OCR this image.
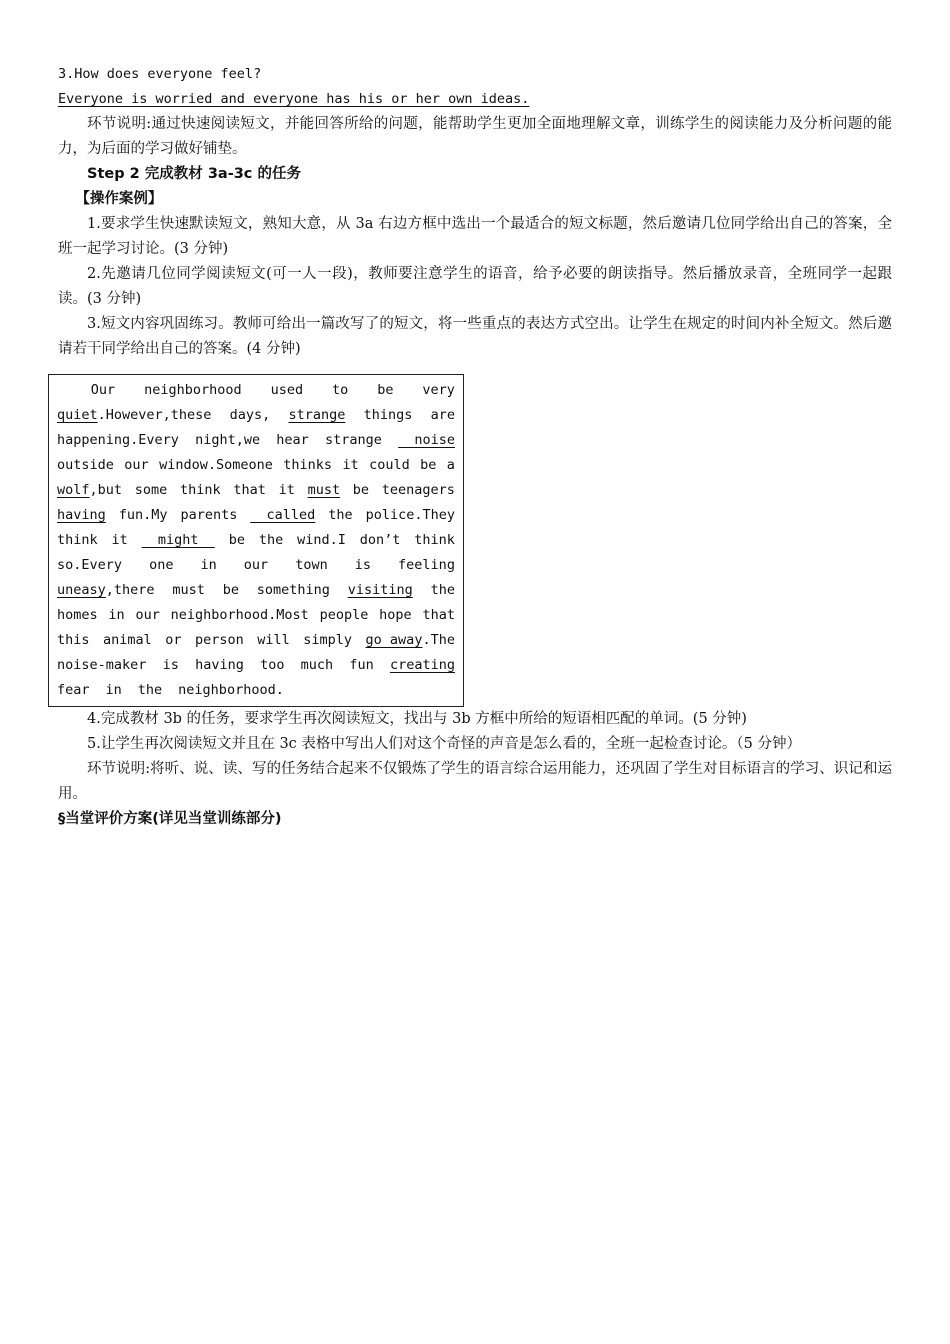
3.How does everyone feel?
Everyone is worried and everyone has his or her own ideas.
环节说明:通过快速阅读短文，并能回答所给的问题，能帮助学生更加全面地理解文章，训练学生的阅读能力及分析问题的能力，为后面的学习做好铺垫。
Step 2 完成教材 3a-3c 的任务
【操作案例】
1.要求学生快速默读短文，熟知大意，从 3a 右边方框中选出一个最适合的短文标题，然后邀请几位同学给出自己的答案，全班一起学习讨论。(3 分钟)
2.先邀请几位同学阅读短文(可一人一段)，教师要注意学生的语音，给予必要的朗读指导。然后播放录音，全班同学一起跟读。(3 分钟)
3.短文内容巩固练习。教师可给出一篇改写了的短文，将一些重点的表达方式空出。让学生在规定的时间内补全短文。然后邀请若干同学给出自己的答案。(4 分钟)
Our neighborhood used to be very
quiet.However,these days, strange things are
happening.Every night,we hear strange noise
outside our window.Someone thinks it could be a
wolf,but some think that it must be teenagers
having fun.My parents called the police.They
think it might be the wind.I don’t think
so.Every one in our town is feeling
uneasy,there must be something visiting the
homes in our neighborhood.Most people hope that
this animal or person will simply go away.The
noise-maker is having too much fun creating
fear	in	the	neighborhood.
4.完成教材 3b 的任务，要求学生再次阅读短文，找出与 3b 方框中所给的短语相匹配的单词。(5 分钟)
5.让学生再次阅读短文并且在 3c 表格中写出人们对这个奇怪的声音是怎么看的，全班一起检查讨论。（5 分钟）
环节说明:将听、说、读、写的任务结合起来不仅锻炼了学生的语言综合运用能力，还巩固了学生对目标语言的学习、识记和运用。
§当堂评价方案(详见当堂训练部分)
